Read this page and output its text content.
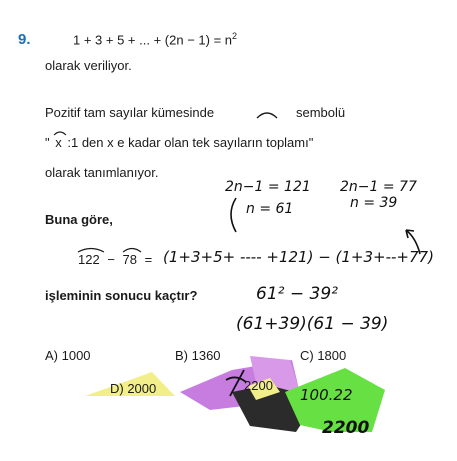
9.	1 + 3 + 5 + ... + $(2n - 1) = n^2$
olarak veriliyor.
Pozitif tam sayılar kümesinde	sembolü
" x :1 den x e kadar olan tek sayıların toplamı"
olarak tanımlanıyor.
Buna göre,
122 − 78 =
işleminin sonucu kaçtır?
2n−1 = 121
n = 61
2n−1 = 77
n = 39
(1+3+5+ ---- +121) − (1+3+--+77)
61² − 39²
(61+39)(61 − 39)
A) 1000	B) 1360	C) 1800
D) 2000	2200
100.22
2200
